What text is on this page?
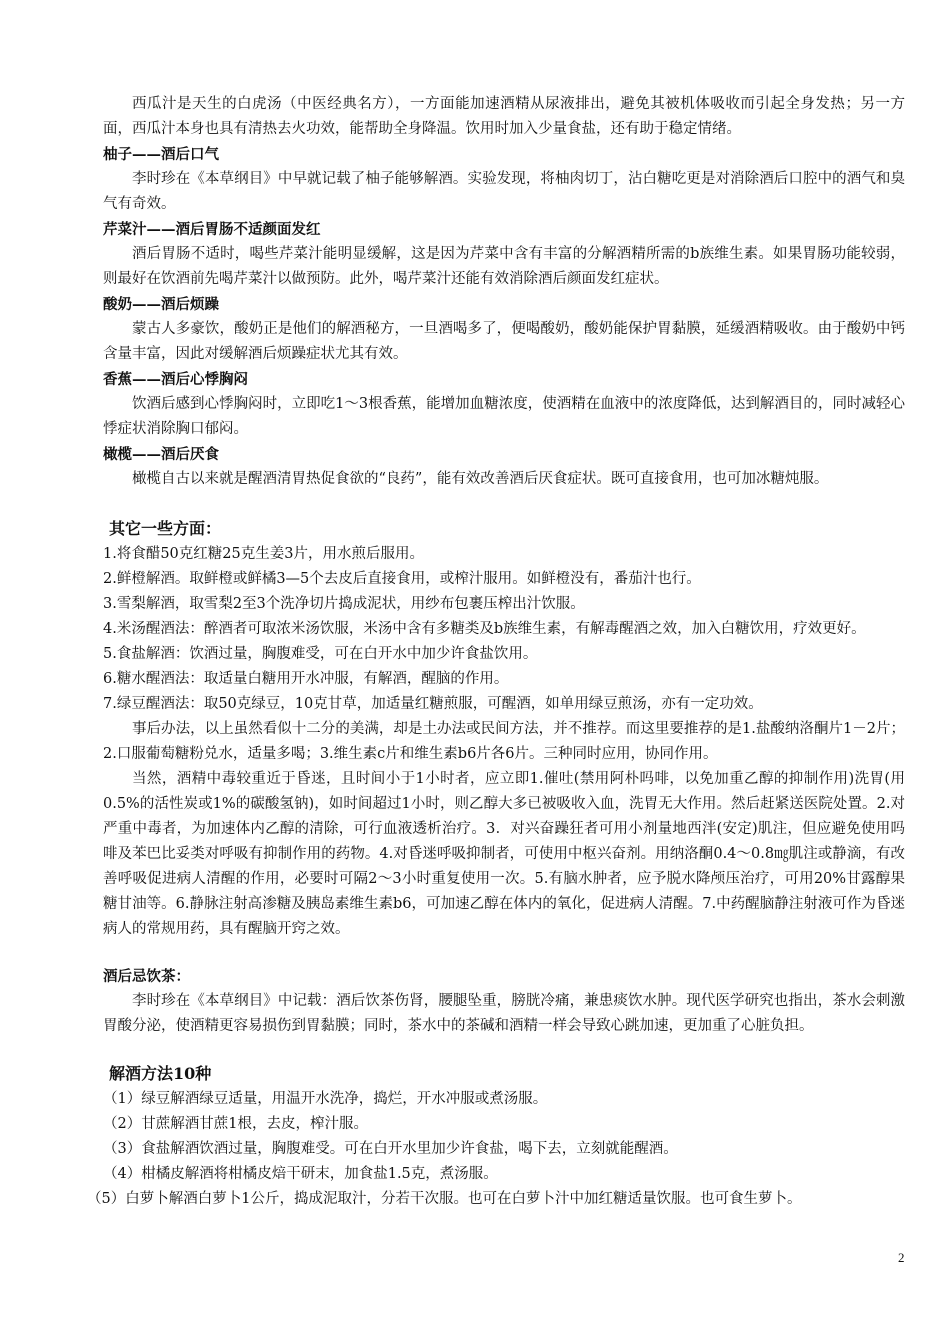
西瓜汁是天生的白虎汤（中医经典名方），一方面能加速酒精从尿液排出，避免其被机体吸收而引起全身发热；另一方面，西瓜汁本身也具有清热去火功效，能帮助全身降温。饮用时加入少量食盐，还有助于稳定情绪。

柚子——酒后口气

李时珍在《本草纲目》中早就记载了柚子能够解酒。实验发现，将柚肉切丁，沾白糖吃更是对消除酒后口腔中的酒气和臭气有奇效。

芹菜汁——酒后胃肠不适颜面发红

酒后胃肠不适时，喝些芹菜汁能明显缓解，这是因为芹菜中含有丰富的分解酒精所需的b族维生素。如果胃肠功能较弱，则最好在饮酒前先喝芹菜汁以做预防。此外，喝芹菜汁还能有效消除酒后颜面发红症状。

酸奶——酒后烦躁

蒙古人多豪饮，酸奶正是他们的解酒秘方，一旦酒喝多了，便喝酸奶，酸奶能保护胃黏膜，延缓酒精吸收。由于酸奶中钙含量丰富，因此对缓解酒后烦躁症状尤其有效。

香蕉——酒后心悸胸闷

饮酒后感到心悸胸闷时，立即吃1～3根香蕉，能增加血糖浓度，使酒精在血液中的浓度降低，达到解酒目的，同时减轻心悸症状消除胸口郁闷。

橄榄——酒后厌食

橄榄自古以来就是醒酒清胃热促食欲的“良药”，能有效改善酒后厌食症状。既可直接食用，也可加冰糖炖服。

其它一些方面：

1.将食醋50克红糖25克生姜3片，用水煎后服用。

2.鲜橙解酒。取鲜橙或鲜橘3—5个去皮后直接食用，或榨汁服用。如鲜橙没有，番茄汁也行。

3.雪梨解酒，取雪梨2至3个洗净切片捣成泥状，用纱布包裹压榨出汁饮服。

4.米汤醒酒法：醉酒者可取浓米汤饮服，米汤中含有多糖类及b族维生素，有解毒醒酒之效，加入白糖饮用，疗效更好。

5.食盐解酒：饮酒过量，胸腹难受，可在白开水中加少许食盐饮用。

6.糖水醒酒法：取适量白糖用开水冲服，有解酒，醒脑的作用。

7.绿豆醒酒法：取50克绿豆，10克甘草，加适量红糖煎服，可醒酒，如单用绿豆煎汤，亦有一定功效。

事后办法，以上虽然看似十二分的美满，却是土办法或民间方法，并不推荐。而这里要推荐的是1.盐酸纳洛酮片1－2片；2.口服葡萄糖粉兑水，适量多喝；3.维生素c片和维生素b6片各6片。三种同时应用，协同作用。

当然，酒精中毒较重近于昏迷，且时间小于1小时者，应立即1.催吐(禁用阿朴吗啡，以免加重乙醇的抑制作用)洗胃(用0.5%的活性炭或1%的碳酸氢钠)，如时间超过1小时，则乙醇大多已被吸收入血，洗胃无大作用。然后赶紧送医院处置。2.对严重中毒者，为加速体内乙醇的清除，可行血液透析治疗。3．对兴奋躁狂者可用小剂量地西泮(安定)肌注，但应避免使用吗啡及苯巴比妥类对呼吸有抑制作用的药物。4.对昏迷呼吸抑制者，可使用中枢兴奋剂。用纳洛酮0.4～0.8㎎肌注或静滴，有改善呼吸促进病人清醒的作用，必要时可隔2～3小时重复使用一次。5.有脑水肿者，应予脱水降颅压治疗，可用20%甘露醇果糖甘油等。6.静脉注射高渗糖及胰岛素维生素b6，可加速乙醇在体内的氧化，促进病人清醒。7.中药醒脑静注射液可作为昏迷病人的常规用药，具有醒脑开窍之效。

酒后忌饮茶：

李时珍在《本草纲目》中记载：酒后饮茶伤肾，腰腿坠重，膀胱冷痛，兼患痰饮水肿。现代医学研究也指出，茶水会刺激胃酸分泌，使酒精更容易损伤到胃黏膜；同时，茶水中的茶碱和酒精一样会导致心跳加速，更加重了心脏负担。

解酒方法10种

（1）绿豆解酒绿豆适量，用温开水洗净，捣烂，开水冲服或煮汤服。

（2）甘蔗解酒甘蔗1根，去皮，榨汁服。

（3）食盐解酒饮酒过量，胸腹难受。可在白开水里加少许食盐，喝下去，立刻就能醒酒。

（4）柑橘皮解酒将柑橘皮焙干研末，加食盐1.5克，煮汤服。

（5）白萝卜解酒白萝卜1公斤，捣成泥取汁，分若干次服。也可在白萝卜汁中加红糖适量饮服。也可食生萝卜。

2
